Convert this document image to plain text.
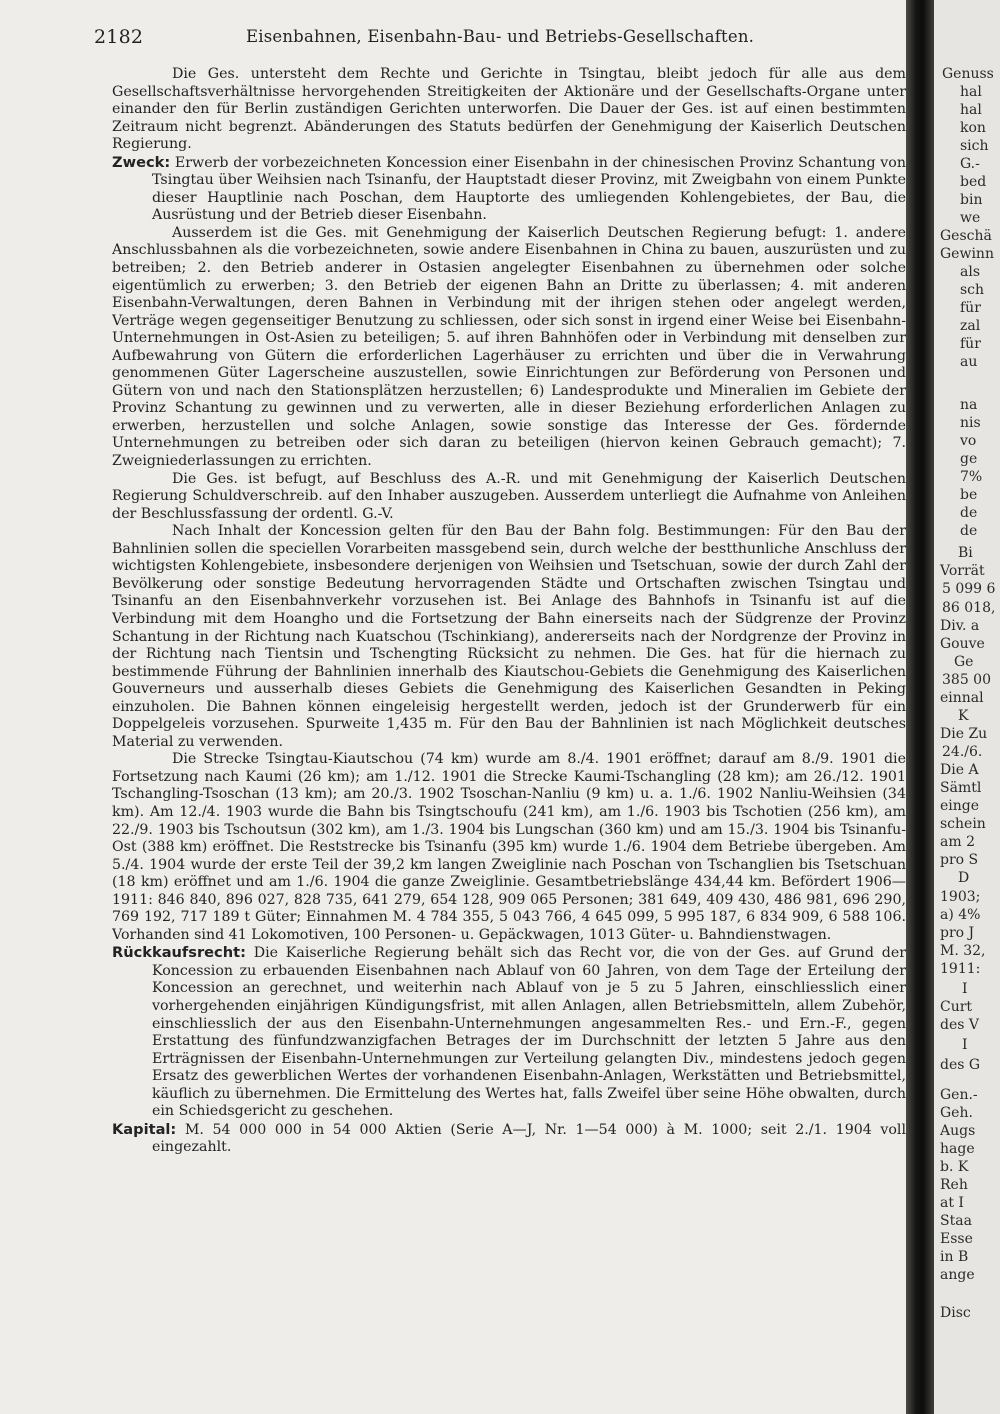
2182	Eisenbahnen, Eisenbahn-Bau- und Betriebs-Gesellschaften.

Die Ges. untersteht dem Rechte und Gerichte in Tsingtau, bleibt jedoch für alle aus dem Gesellschaftsverhältnisse hervorgehenden Streitigkeiten der Aktionäre und der Gesellschafts-Organe unter einander den für Berlin zuständigen Gerichten unterworfen. Die Dauer der Ges. ist auf einen bestimmten Zeitraum nicht begrenzt. Abänderungen des Statuts bedürfen der Genehmigung der Kaiserlich Deutschen Regierung.

Zweck: Erwerb der vorbezeichneten Koncession einer Eisenbahn in der chinesischen Provinz Schantung von Tsingtau über Weihsien nach Tsinanfu, der Hauptstadt dieser Provinz, mit Zweigbahn von einem Punkte dieser Hauptlinie nach Poschan, dem Hauptorte des umliegenden Kohlengebietes, der Bau, die Ausrüstung und der Betrieb dieser Eisenbahn.

Ausserdem ist die Ges. mit Genehmigung der Kaiserlich Deutschen Regierung befugt: 1. andere Anschlussbahnen als die vorbezeichneten, sowie andere Eisenbahnen in China zu bauen, auszurüsten und zu betreiben; 2. den Betrieb anderer in Ostasien angelegter Eisenbahnen zu übernehmen oder solche eigentümlich zu erwerben; 3. den Betrieb der eigenen Bahn an Dritte zu überlassen; 4. mit anderen Eisenbahn-Verwaltungen, deren Bahnen in Verbindung mit der ihrigen stehen oder angelegt werden, Verträge wegen gegenseitiger Benutzung zu schliessen, oder sich sonst in irgend einer Weise bei Eisenbahn-Unternehmungen in Ost-Asien zu beteiligen; 5. auf ihren Bahnhöfen oder in Verbindung mit denselben zur Aufbewahrung von Gütern die erforderlichen Lagerhäuser zu errichten und über die in Verwahrung genommenen Güter Lagerscheine auszustellen, sowie Einrichtungen zur Beförderung von Personen und Gütern von und nach den Stationsplätzen herzustellen; 6) Landesprodukte und Mineralien im Gebiete der Provinz Schantung zu gewinnen und zu verwerten, alle in dieser Beziehung erforderlichen Anlagen zu erwerben, herzustellen und solche Anlagen, sowie sonstige das Interesse der Ges. fördernde Unternehmungen zu betreiben oder sich daran zu beteiligen (hiervon keinen Gebrauch gemacht); 7. Zweigniederlassungen zu errichten.

Die Ges. ist befugt, auf Beschluss des A.-R. und mit Genehmigung der Kaiserlich Deutschen Regierung Schuldverschreib. auf den Inhaber auszugeben. Ausserdem unterliegt die Aufnahme von Anleihen der Beschlussfassung der ordentl. G.-V.

Nach Inhalt der Koncession gelten für den Bau der Bahn folg. Bestimmungen: Für den Bau der Bahnlinien sollen die speciellen Vorarbeiten massgebend sein, durch welche der bestthunliche Anschluss der wichtigsten Kohlengebiete, insbesondere derjenigen von Weihsien und Tsetschuan, sowie der durch Zahl der Bevölkerung oder sonstige Bedeutung hervorragenden Städte und Ortschaften zwischen Tsingtau und Tsinanfu an den Eisenbahnverkehr vorzusehen ist. Bei Anlage des Bahnhofs in Tsinanfu ist auf die Verbindung mit dem Hoangho und die Fortsetzung der Bahn einerseits nach der Südgrenze der Provinz Schantung in der Richtung nach Kuatschou (Tschinkiang), andererseits nach der Nordgrenze der Provinz in der Richtung nach Tientsin und Tschengting Rücksicht zu nehmen. Die Ges. hat für die hiernach zu bestimmende Führung der Bahnlinien innerhalb des Kiautschou-Gebiets die Genehmigung des Kaiserlichen Gouverneurs und ausserhalb dieses Gebiets die Genehmigung des Kaiserlichen Gesandten in Peking einzuholen. Die Bahnen können eingeleisig hergestellt werden, jedoch ist der Grunderwerb für ein Doppelgeleis vorzusehen. Spurweite 1,435 m. Für den Bau der Bahnlinien ist nach Möglichkeit deutsches Material zu verwenden.

Die Strecke Tsingtau-Kiautschou (74 km) wurde am 8./4. 1901 eröffnet; darauf am 8./9. 1901 die Fortsetzung nach Kaumi (26 km); am 1./12. 1901 die Strecke Kaumi-Tschangling (28 km); am 26./12. 1901 Tschangling-Tsoschan (13 km); am 20./3. 1902 Tsoschan-Nanliu (9 km) u. a. 1./6. 1902 Nanliu-Weihsien (34 km). Am 12./4. 1903 wurde die Bahn bis Tsingtschoufu (241 km), am 1./6. 1903 bis Tschotien (256 km), am 22./9. 1903 bis Tschoutsun (302 km), am 1./3. 1904 bis Lungschan (360 km) und am 15./3. 1904 bis Tsinanfu-Ost (388 km) eröffnet. Die Reststrecke bis Tsinanfu (395 km) wurde 1./6. 1904 dem Betriebe übergeben. Am 5./4. 1904 wurde der erste Teil der 39,2 km langen Zweiglinie nach Poschan von Tschanglien bis Tsetschuan (18 km) eröffnet und am 1./6. 1904 die ganze Zweiglinie. Gesamtbetriebslänge 434,44 km. Befördert 1906—1911: 846 840, 896 027, 828 735, 641 279, 654 128, 909 065 Personen; 381 649, 409 430, 486 981, 696 290, 769 192, 717 189 t Güter; Einnahmen M. 4 784 355, 5 043 766, 4 645 099, 5 995 187, 6 834 909, 6 588 106. Vorhanden sind 41 Lokomotiven, 100 Personen- u. Gepäckwagen, 1013 Güter- u. Bahndienstwagen.

Rückkaufsrecht: Die Kaiserliche Regierung behält sich das Recht vor, die von der Ges. auf Grund der Koncession zu erbauenden Eisenbahnen nach Ablauf von 60 Jahren, von dem Tage der Erteilung der Koncession an gerechnet, und weiterhin nach Ablauf von je 5 zu 5 Jahren, einschliesslich einer vorhergehenden einjährigen Kündigungsfrist, mit allen Anlagen, allen Betriebsmitteln, allem Zubehör, einschliesslich der aus den Eisenbahn-Unternehmungen angesammelten Res.- und Ern.-F., gegen Erstattung des fünfundzwanzigfachen Betrages der im Durchschnitt der letzten 5 Jahre aus den Erträgnissen der Eisenbahn-Unternehmungen zur Verteilung gelangten Div., mindestens jedoch gegen Ersatz des gewerblichen Wertes der vorhandenen Eisenbahn-Anlagen, Werkstätten und Betriebsmittel, käuflich zu übernehmen. Die Ermittelung des Wertes hat, falls Zweifel über seine Höhe obwalten, durch ein Schiedsgericht zu geschehen.

Kapital: M. 54 000 000 in 54 000 Aktien (Serie A—J, Nr. 1—54 000) à M. 1000; seit 2./1. 1904 voll eingezahlt.

Genuss
hal
hal
kon
sich
G.-
bed
bin
we
Geschä
Gewinn
als
sch
für
zal
für
au
na
nis
vo
ge
7%
be
de
de
Bi
Vorrät
5 099 6
86 018,
Div. a
Gouve
Ge
385 00
einnal
K
Die Zu
24./6.
Die A
Sämtl
einge
schein
am 2
pro S
D
1903;
a) 4%
pro J
M. 32,
1911:
I
Curt
des V
I
des G
Gen.-
Geh.
Augs
hage
b. K
Reh
at I
Staa
Esse
in B
ange
Disc
